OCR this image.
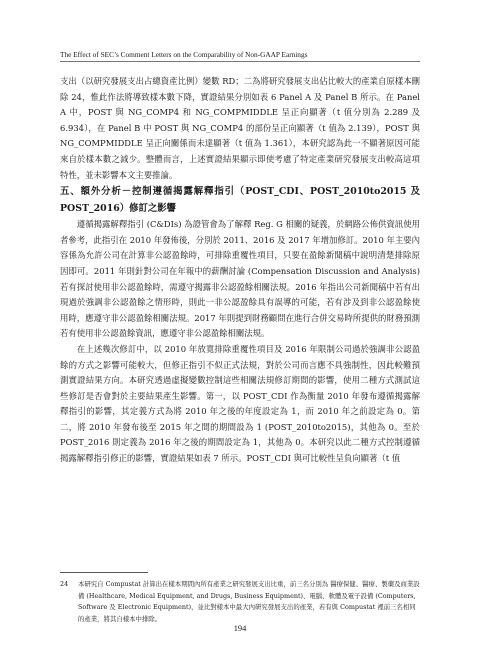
The Effect of SEC’s Comment Letters on the Comparability of Non-GAAP Earnings

支出（以研究發展支出占總資產比例）變數 RD；二為將研究發展支出佔比較大的產業自原樣本刪除 24，惟此作法將導致樣本數下降，實證結果分別如表 6 Panel A 及 Panel B 所示。在 Panel A 中，POST 與 NG_COMP4 和 NG_COMPMIDDLE 呈正向顯著（t 值分別為 2.289 及 6.934），在 Panel B 中 POST 與 NG_COMP4 的部份呈正向顯著（t 值為 2.139），POST 與 NG_COMPMIDDLE 呈正向關係而未達顯著（t 值為 1.361），本研究認為此一不顯著原因可能來自於樣本數之減少。整體而言，上述實證結果顯示即使考慮了特定產業研究發展支出較高這項特性，並未影響本文主要推論。

五、額外分析－控制遵循揭露解釋指引（POST_CDI、POST_2010to2015 及 POST_2016）修訂之影響

遵循揭露解釋指引 (C&DIs) 為證管會為了解釋 Reg. G 相關的疑義，於網路公佈供資訊使用者參考，此指引在 2010 年發佈後，分別於 2011、2016 及 2017 年增加修訂。2010 年主要內容係為允許公司在計算非公認盈餘時，可排除重覆性項目，只要在盈餘新聞稿中說明清楚排除原因即可。2011 年則針對公司在年報中的薪酬討論 (Compensation Discussion and Analysis) 若有探討使用非公認盈餘時，需遵守揭露非公認盈餘相關法規。2016 年指出公司新聞稿中若有出現過於強調非公認盈餘之情形時，則此一非公認盈餘具有誤導的可能，若有涉及到非公認盈餘使用時，應遵守非公認盈餘相關法規。2017 年則提到財務顧問在進行合併交易時所提供的財務預測若有使用非公認盈餘資訊，應遵守非公認盈餘相關法規。

在上述幾次修訂中，以 2010 年放寬排除重覆性項目及 2016 年限制公司過於強調非公認盈餘的方式之影響可能較大，但修正指引不似正式法規，對於公司而言應不具強制性，因此較難預測實證結果方向。本研究透過虛擬變數控制這些相關法規修訂期間的影響，使用二種方式測試這些修訂是否會對於主要結果產生影響。第一，以 POST_CDI 作為衡量 2010 年發布遵循揭露解釋指引的影響，其定義方式為將 2010 年之後的年度設定為 1，而 2010 年之前設定為 0。第二，將 2010 年發布後至 2015 年之間的期間設為 1 (POST_2010to2015)，其他為 0。至於 POST_2016 則定義為 2016 年之後的期間設定為 1，其他為 0。本研究以此二種方式控制遵循揭露解釋指引修正的影響，實證結果如表 7 所示。POST_CDI 與可比較性呈負向顯著（t 值

24	本研究自 Compustat 計算出在樣本期間內所有產業之研究發展支出比重，前三名分別為 醫療保健、醫療、製藥及商業設備 (Healthcare, Medical Equipment, and Drugs, Business Equipment)、電腦、軟體及電子設備 (Computers, Software 及 Electronic Equipment)，並比對樣本中最大內研究發展支出的產業，若有與 Compustat 裡前三名相同的產業，將其自樣本中排除。
194
